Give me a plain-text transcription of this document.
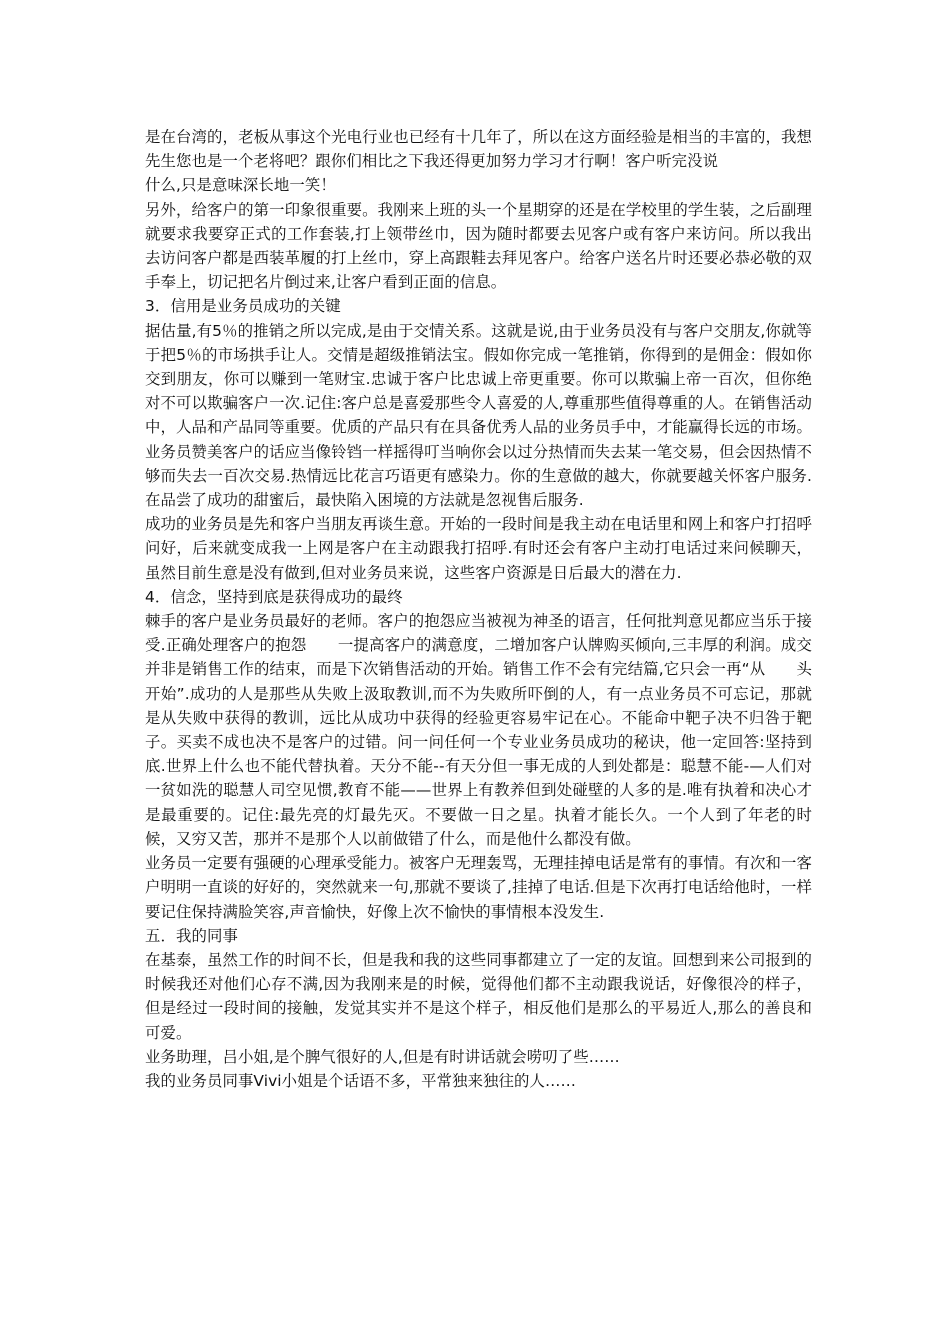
是在台湾的，老板从事这个光电行业也已经有十几年了，所以在这方面经验是相当的丰富的，我想先生您也是一个老将吧？跟你们相比之下我还得更加努力学习才行啊！客户听完没说

什么,只是意味深长地一笑！

另外，给客户的第一印象很重要。我刚来上班的头一个星期穿的还是在学校里的学生装，之后副理就要求我要穿正式的工作套装,打上领带丝巾，因为随时都要去见客户或有客户来访问。所以我出去访问客户都是西装革履的打上丝巾，穿上高跟鞋去拜见客户。给客户送名片时还要必恭必敬的双手奉上，切记把名片倒过来,让客户看到正面的信息。

3．信用是业务员成功的关键

据估量,有5％的推销之所以完成,是由于交情关系。这就是说,由于业务员没有与客户交朋友,你就等于把5％的市场拱手让人。交情是超级推销法宝。假如你完成一笔推销，你得到的是佣金：假如你交到朋友，你可以赚到一笔财宝.忠诚于客户比忠诚上帝更重要。你可以欺骗上帝一百次，但你绝对不可以欺骗客户一次.记住:客户总是喜爱那些令人喜爱的人,尊重那些值得尊重的人。在销售活动中，人品和产品同等重要。优质的产品只有在具备优秀人品的业务员手中，才能赢得长远的市场。业务员赞美客户的话应当像铃铛一样摇得叮当响你会以过分热情而失去某一笔交易，但会因热情不够而失去一百次交易.热情远比花言巧语更有感染力。你的生意做的越大，你就要越关怀客户服务.在品尝了成功的甜蜜后，最快陷入困境的方法就是忽视售后服务.

成功的业务员是先和客户当朋友再谈生意。开始的一段时间是我主动在电话里和网上和客户打招呼问好，后来就变成我一上网是客户在主动跟我打招呼.有时还会有客户主动打电话过来问候聊天，虽然目前生意是没有做到,但对业务员来说，这些客户资源是日后最大的潜在力.

4．信念，坚持到底是获得成功的最终

棘手的客户是业务员最好的老师。客户的抱怨应当被视为神圣的语言，任何批判意见都应当乐于接受.正确处理客户的抱怨　　一提高客户的满意度，二增加客户认牌购买倾向,三丰厚的利润。成交并非是销售工作的结束，而是下次销售活动的开始。销售工作不会有完结篇,它只会一再“从　　头开始”.成功的人是那些从失败上汲取教训,而不为失败所吓倒的人，有一点业务员不可忘记，那就是从失败中获得的教训，远比从成功中获得的经验更容易牢记在心。不能命中靶子决不归咎于靶子。买卖不成也决不是客户的过错。问一问任何一个专业业务员成功的秘诀，他一定回答:坚持到底.世界上什么也不能代替执着。天分不能--有天分但一事无成的人到处都是：聪慧不能-—人们对一贫如洗的聪慧人司空见惯,教育不能——世界上有教养但到处碰壁的人多的是.唯有执着和决心才是最重要的。记住:最先亮的灯最先灭。不要做一日之星。执着才能长久。一个人到了年老的时候，又穷又苦，那并不是那个人以前做错了什么，而是他什么都没有做。

业务员一定要有强硬的心理承受能力。被客户无理轰骂，无理挂掉电话是常有的事情。有次和一客户明明一直谈的好好的，突然就来一句,那就不要谈了,挂掉了电话.但是下次再打电话给他时，一样要记住保持满脸笑容,声音愉快，好像上次不愉快的事情根本没发生.

五．我的同事

在基泰，虽然工作的时间不长，但是我和我的这些同事都建立了一定的友谊。回想到来公司报到的时候我还对他们心存不满,因为我刚来是的时候，觉得他们都不主动跟我说话，好像很冷的样子，但是经过一段时间的接触，发觉其实并不是这个样子，相反他们是那么的平易近人,那么的善良和可爱。

业务助理，吕小姐,是个脾气很好的人,但是有时讲话就会唠叨了些……

我的业务员同事Vivi小姐是个话语不多，平常独来独往的人……
